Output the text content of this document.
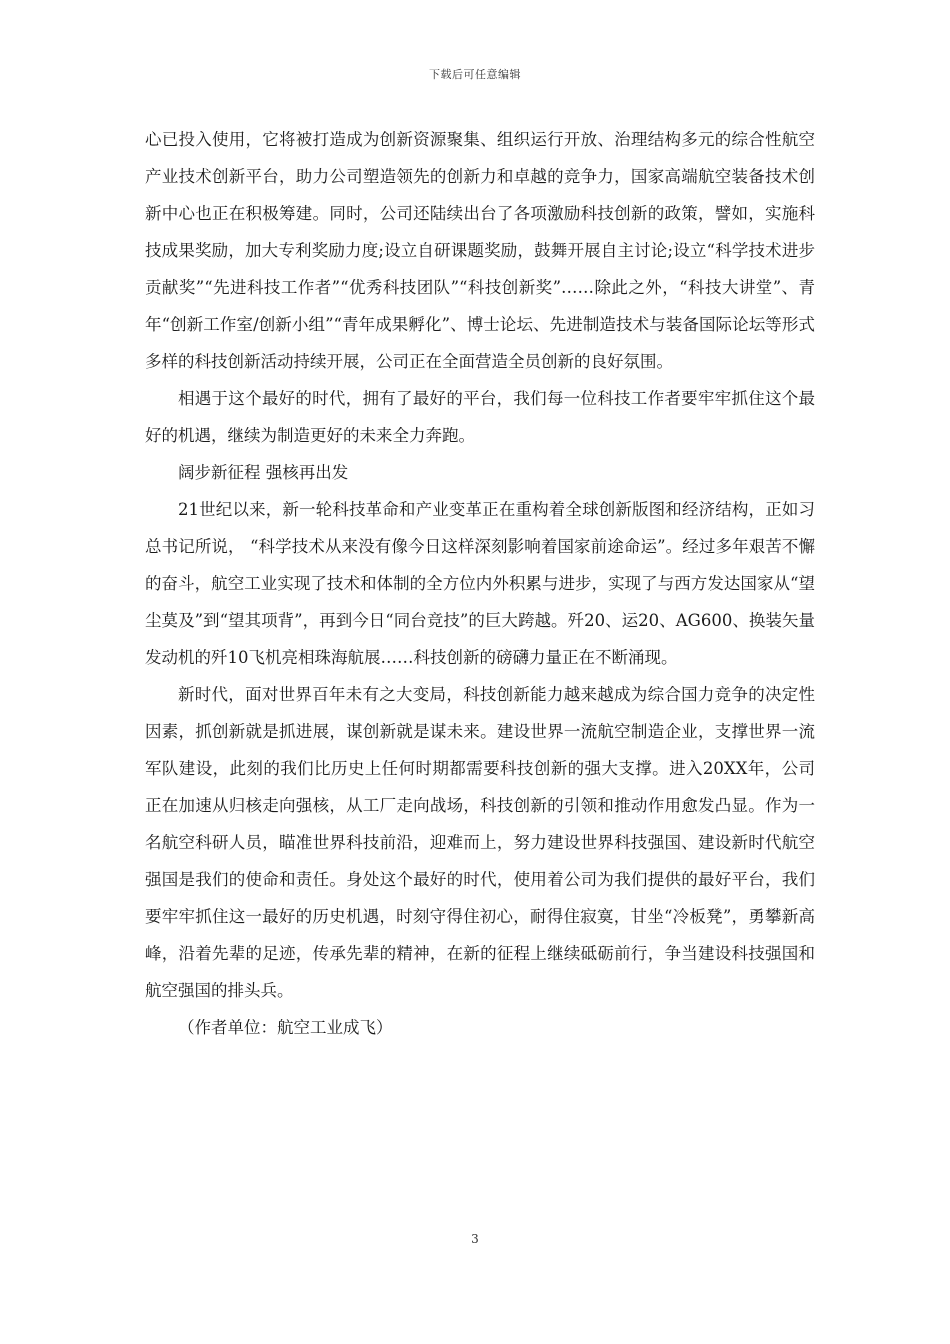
下载后可任意编辑

心已投入使用，它将被打造成为创新资源聚集、组织运行开放、治理结构多元的综合性航空产业技术创新平台，助力公司塑造领先的创新力和卓越的竞争力，国家高端航空装备技术创新中心也正在积极筹建。同时，公司还陆续出台了各项激励科技创新的政策，譬如，实施科技成果奖励，加大专利奖励力度;设立自研课题奖励，鼓舞开展自主讨论;设立“科学技术进步贡献奖”“先进科技工作者”“优秀科技团队”“科技创新奖”……除此之外，“科技大讲堂”、青年“创新工作室/创新小组”“青年成果孵化”、博士论坛、先进制造技术与装备国际论坛等形式多样的科技创新活动持续开展，公司正在全面营造全员创新的良好氛围。

相遇于这个最好的时代，拥有了最好的平台，我们每一位科技工作者要牢牢抓住这个最好的机遇，继续为制造更好的未来全力奔跑。

阔步新征程 强核再出发

21世纪以来，新一轮科技革命和产业变革正在重构着全球创新版图和经济结构，正如习总书记所说， “科学技术从来没有像今日这样深刻影响着国家前途命运”。经过多年艰苦不懈的奋斗，航空工业实现了技术和体制的全方位内外积累与进步，实现了与西方发达国家从“望尘莫及”到“望其项背”，再到今日“同台竞技”的巨大跨越。歼20、运20、AG600、换装矢量发动机的歼10飞机亮相珠海航展……科技创新的磅礴力量正在不断涌现。

新时代，面对世界百年未有之大变局，科技创新能力越来越成为综合国力竞争的决定性因素，抓创新就是抓进展，谋创新就是谋未来。建设世界一流航空制造企业，支撑世界一流军队建设，此刻的我们比历史上任何时期都需要科技创新的强大支撑。进入20XX年，公司正在加速从归核走向强核，从工厂走向战场，科技创新的引领和推动作用愈发凸显。作为一名航空科研人员，瞄准世界科技前沿，迎难而上，努力建设世界科技强国、建设新时代航空强国是我们的使命和责任。身处这个最好的时代，使用着公司为我们提供的最好平台，我们要牢牢抓住这一最好的历史机遇，时刻守得住初心，耐得住寂寞，甘坐“冷板凳”，勇攀新高峰，沿着先辈的足迹，传承先辈的精神，在新的征程上继续砥砺前行，争当建设科技强国和航空强国的排头兵。

（作者单位：航空工业成飞）

3
